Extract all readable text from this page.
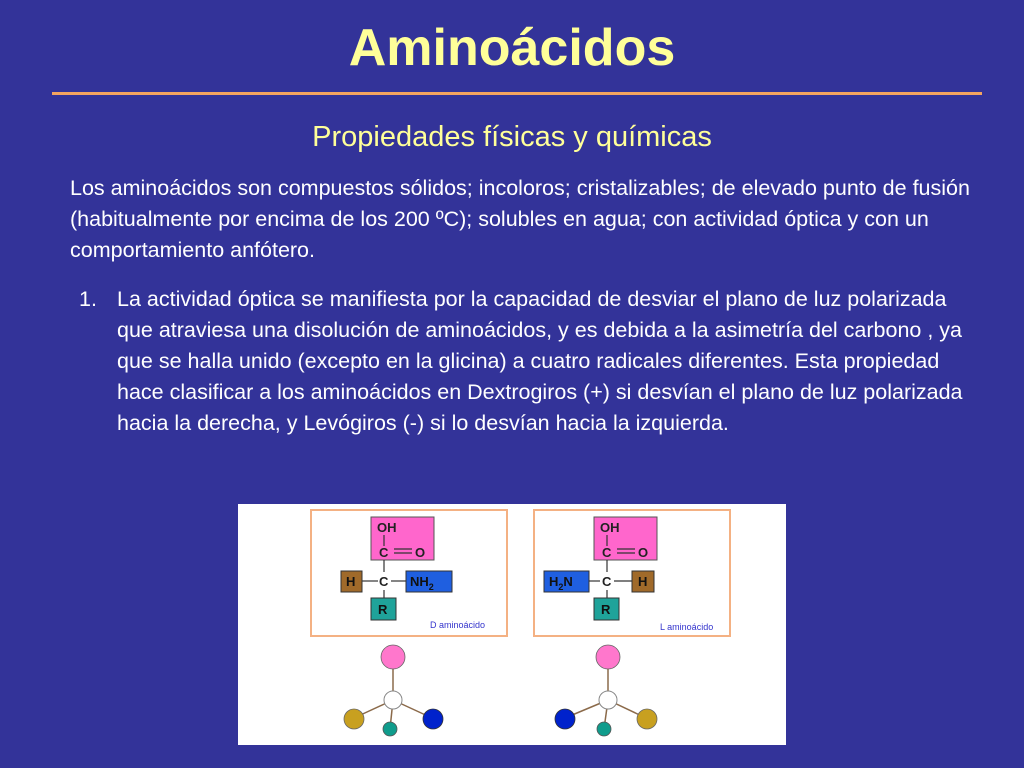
Aminoácidos
Propiedades físicas y químicas

Los aminoácidos son compuestos sólidos; incoloros; cristalizables; de elevado punto de fusión (habitualmente por encima de los 200 ºC); solubles en agua; con actividad óptica y con un comportamiento anfótero.

1. La actividad óptica se manifiesta por la capacidad de desviar el plano de luz polarizada que atraviesa una disolución de aminoácidos, y es debida a la asimetría del carbono , ya que se halla unido (excepto en la glicina) a cuatro radicales diferentes. Esta propiedad hace clasificar a los aminoácidos en Dextrogiros (+) si desvían el plano de luz polarizada hacia la derecha, y Levógiros (-) si lo desvían hacia la izquierda.
OH
C O
H C $NH_2$
R
D aminoácido
OH
C O
$H_2N$ C H
R
L aminoácido
